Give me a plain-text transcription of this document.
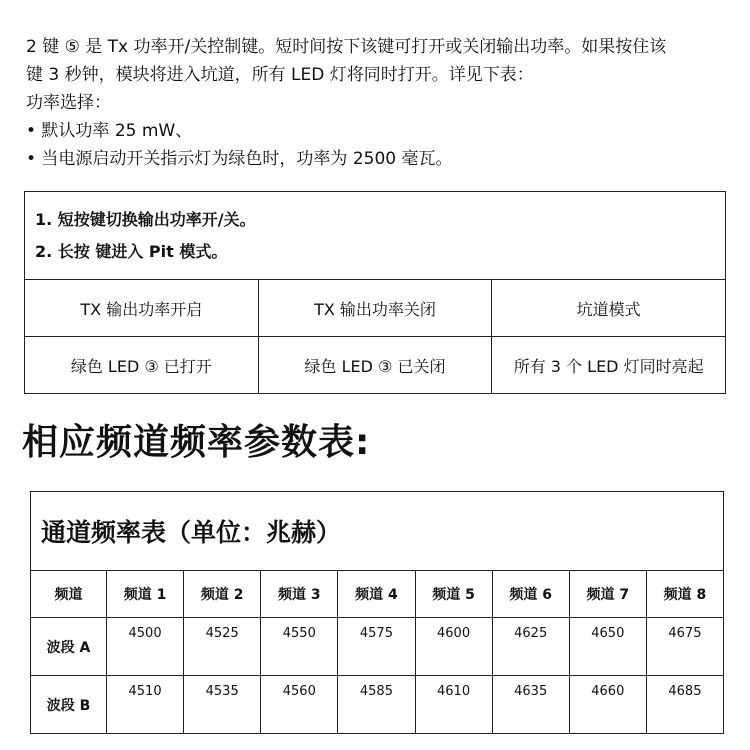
2 键 ⑤ 是 Tx 功率开/关控制键。短时间按下该键可打开或关闭输出功率。如果按住该

键 3 秒钟，模块将进入坑道，所有 LED 灯将同时打开。详见下表：

功率选择：

• 默认功率 25 mW、

• 当电源启动开关指示灯为绿色时，功率为 2500 毫瓦。

1. 短按键切换输出功率开/关。
2. 长按 键进入 Pit 模式。		

TX 输出功率开启	TX 输出功率关闭	坑道模式
绿色 LED ③ 已打开	绿色 LED ③ 已关闭	所有 3 个 LED 灯同时亮起
相应频道频率参数表:
通道频率表（单位：兆赫）								
频道	频道 1	频道 2	频道 3	频道 4	频道 5	频道 6	频道 7	频道 8
波段 A	4500	4525	4550	4575	4600	4625	4650	4675
波段 B	4510	4535	4560	4585	4610	4635	4660	4685
